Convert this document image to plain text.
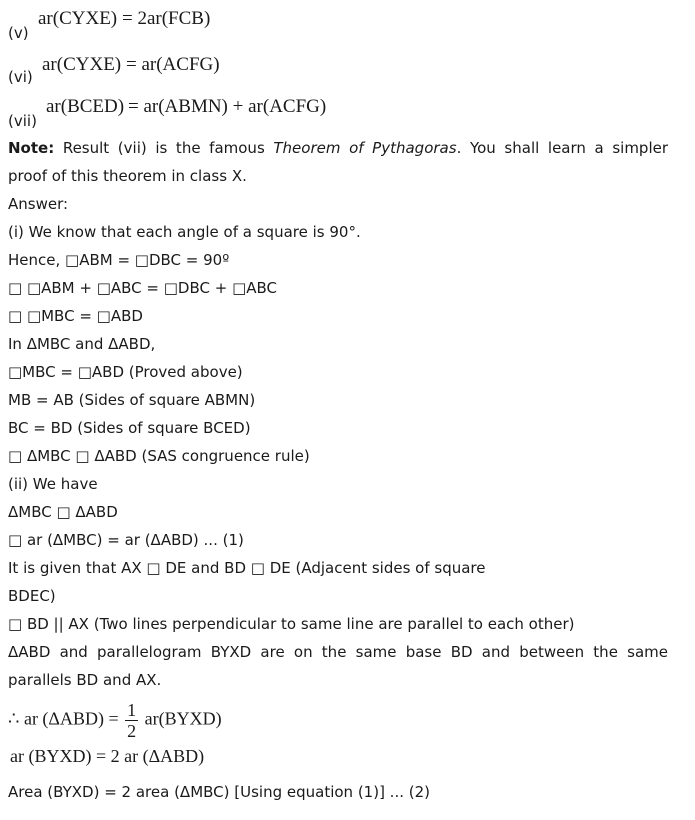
(v)
ar(CYXE) = 2ar(FCB)
(vi)
ar(CYXE) = ar(ACFG)
(vii)
ar(BCED) = ar(ABMN) + ar(ACFG)
Note: Result (vii) is the famous Theorem of Pythagoras. You shall learn a simpler
proof of this theorem in class X.
Answer:
(i) We know that each angle of a square is 90°.
Hence, □ABM = □DBC = 90º
□ □ABM + □ABC = □DBC + □ABC
□ □MBC = □ABD
In ΔMBC and ΔABD,
□MBC = □ABD (Proved above)
MB = AB (Sides of square ABMN)
BC = BD (Sides of square BCED)
□ ΔMBC □ ΔABD (SAS congruence rule)
(ii) We have
ΔMBC □ ΔABD
□ ar (ΔMBC) = ar (ΔABD) ... (1)
It is given that AX □ DE and BD □ DE (Adjacent sides of square
BDEC)
□ BD || AX (Two lines perpendicular to same line are parallel to each other)
ΔABD and parallelogram BYXD are on the same base BD and between the same
parallels BD and AX.
∴ ar $(\Delta ABD) = \frac{1}{2}$ ar(BYXD)
ar (BYXD) = 2 ar (ΔABD)
Area (BYXD) = 2 area (ΔMBC) [Using equation (1)] ... (2)
